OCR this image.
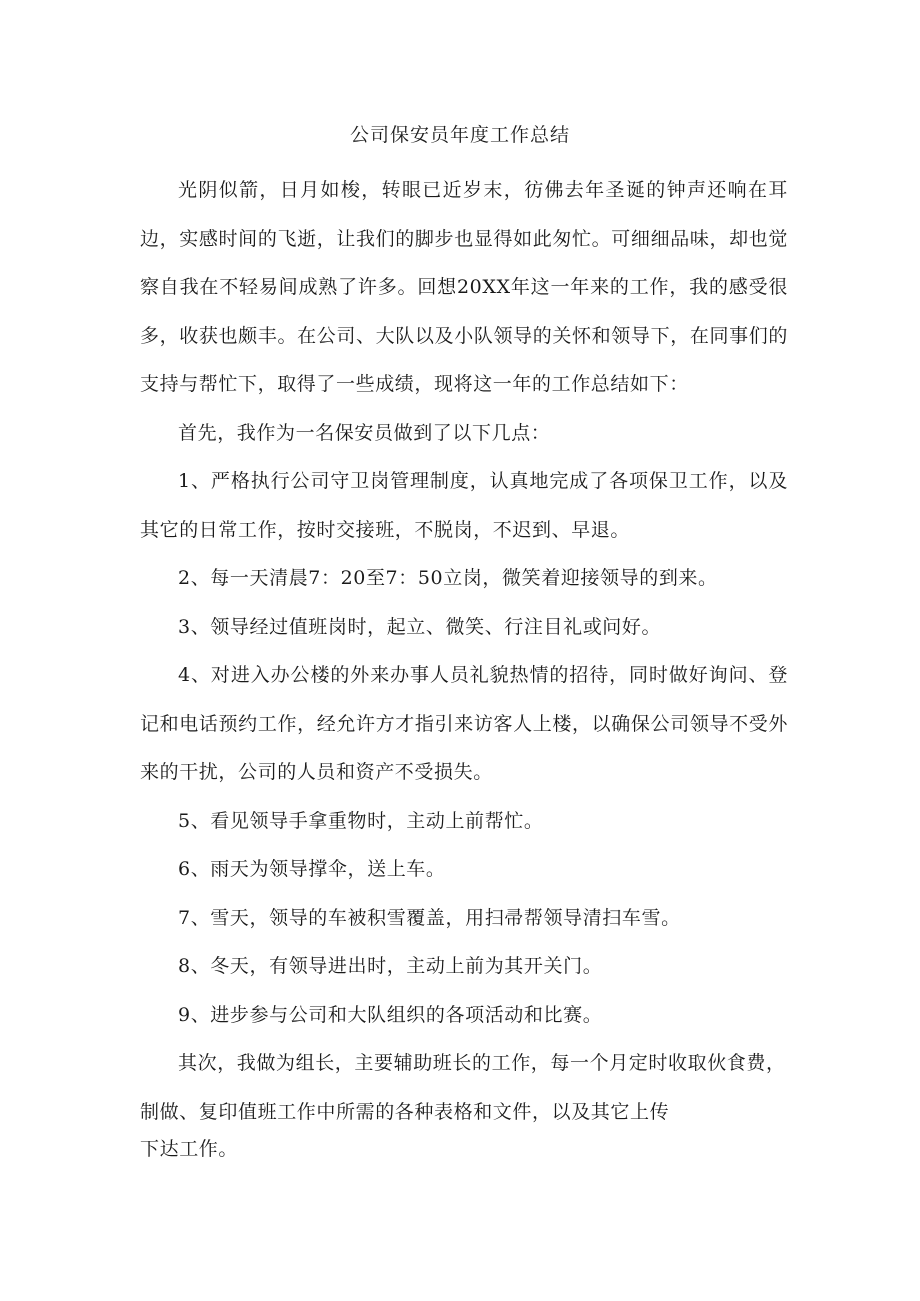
公司保安员年度工作总结

光阴似箭，日月如梭，转眼已近岁末，彷佛去年圣诞的钟声还响在耳边，实感时间的飞逝，让我们的脚步也显得如此匆忙。可细细品味，却也觉察自我在不轻易间成熟了许多。回想20XX年这一年来的工作，我的感受很多，收获也颇丰。在公司、大队以及小队领导的关怀和领导下，在同事们的支持与帮忙下，取得了一些成绩，现将这一年的工作总结如下：

首先，我作为一名保安员做到了以下几点：

1、严格执行公司守卫岗管理制度，认真地完成了各项保卫工作，以及其它的日常工作，按时交接班，不脱岗，不迟到、早退。

2、每一天清晨7：20至7：50立岗，微笑着迎接领导的到来。

3、领导经过值班岗时，起立、微笑、行注目礼或问好。

4、对进入办公楼的外来办事人员礼貌热情的招待，同时做好询问、登记和电话预约工作，经允许方才指引来访客人上楼，以确保公司领导不受外来的干扰，公司的人员和资产不受损失。

5、看见领导手拿重物时，主动上前帮忙。

6、雨天为领导撑伞，送上车。

7、雪天，领导的车被积雪覆盖，用扫帚帮领导清扫车雪。

8、冬天，有领导进出时，主动上前为其开关门。

9、进步参与公司和大队组织的各项活动和比赛。

其次，我做为组长，主要辅助班长的工作，每一个月定时收取伙食费，制做、复印值班工作中所需的各种表格和文件，以及其它上传

下达工作。
